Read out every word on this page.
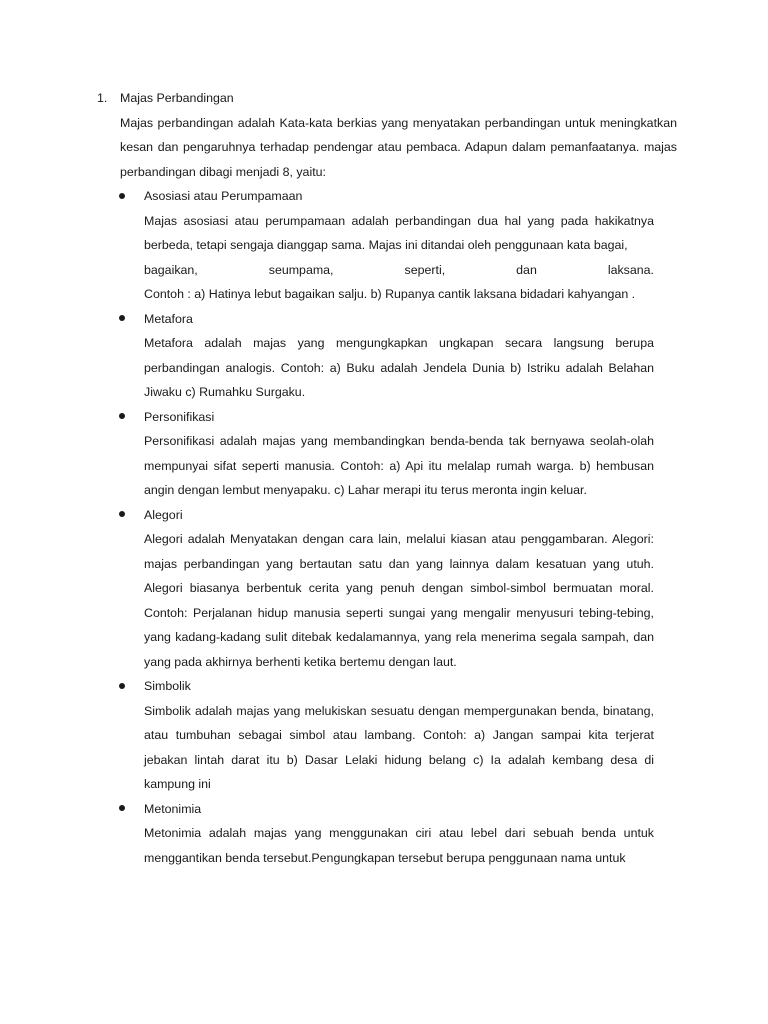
1. Majas Perbandingan
Majas perbandingan adalah Kata-kata berkias yang menyatakan perbandingan untuk meningkatkan kesan dan pengaruhnya terhadap pendengar atau pembaca. Adapun dalam pemanfaatanya. majas perbandingan dibagi menjadi 8, yaitu:
Asosiasi atau Perumpamaan
Majas asosiasi atau perumpamaan adalah perbandingan dua hal yang pada hakikatnya berbeda, tetapi sengaja dianggap sama. Majas ini ditandai oleh penggunaan kata bagai,
bagaikan, seumpama, seperti, dan laksana.
Contoh : a) Hatinya lebut bagaikan salju. b) Rupanya cantik laksana bidadari kahyangan .
Metafora
Metafora adalah majas yang mengungkapkan ungkapan secara langsung berupa perbandingan analogis. Contoh: a) Buku adalah Jendela Dunia b) Istriku adalah Belahan Jiwaku c) Rumahku Surgaku.
Personifikasi
Personifikasi adalah majas yang membandingkan benda-benda tak bernyawa seolah-olah mempunyai sifat seperti manusia. Contoh: a) Api itu melalap rumah warga. b) hembusan angin dengan lembut menyapaku. c) Lahar merapi itu terus meronta ingin keluar.
Alegori
Alegori adalah Menyatakan dengan cara lain, melalui kiasan atau penggambaran. Alegori: majas perbandingan yang bertautan satu dan yang lainnya dalam kesatuan yang utuh. Alegori biasanya berbentuk cerita yang penuh dengan simbol-simbol bermuatan moral. Contoh: Perjalanan hidup manusia seperti sungai yang mengalir menyusuri tebing-tebing, yang kadang-kadang sulit ditebak kedalamannya, yang rela menerima segala sampah, dan yang pada akhirnya berhenti ketika bertemu dengan laut.
Simbolik
Simbolik adalah majas yang melukiskan sesuatu dengan mempergunakan benda, binatang, atau tumbuhan sebagai simbol atau lambang. Contoh: a) Jangan sampai kita terjerat jebakan lintah darat itu b) Dasar Lelaki hidung belang c) Ia adalah kembang desa di kampung ini
Metonimia
Metonimia adalah majas yang menggunakan ciri atau lebel dari sebuah benda untuk menggantikan benda tersebut.Pengungkapan tersebut berupa penggunaan nama untuk
